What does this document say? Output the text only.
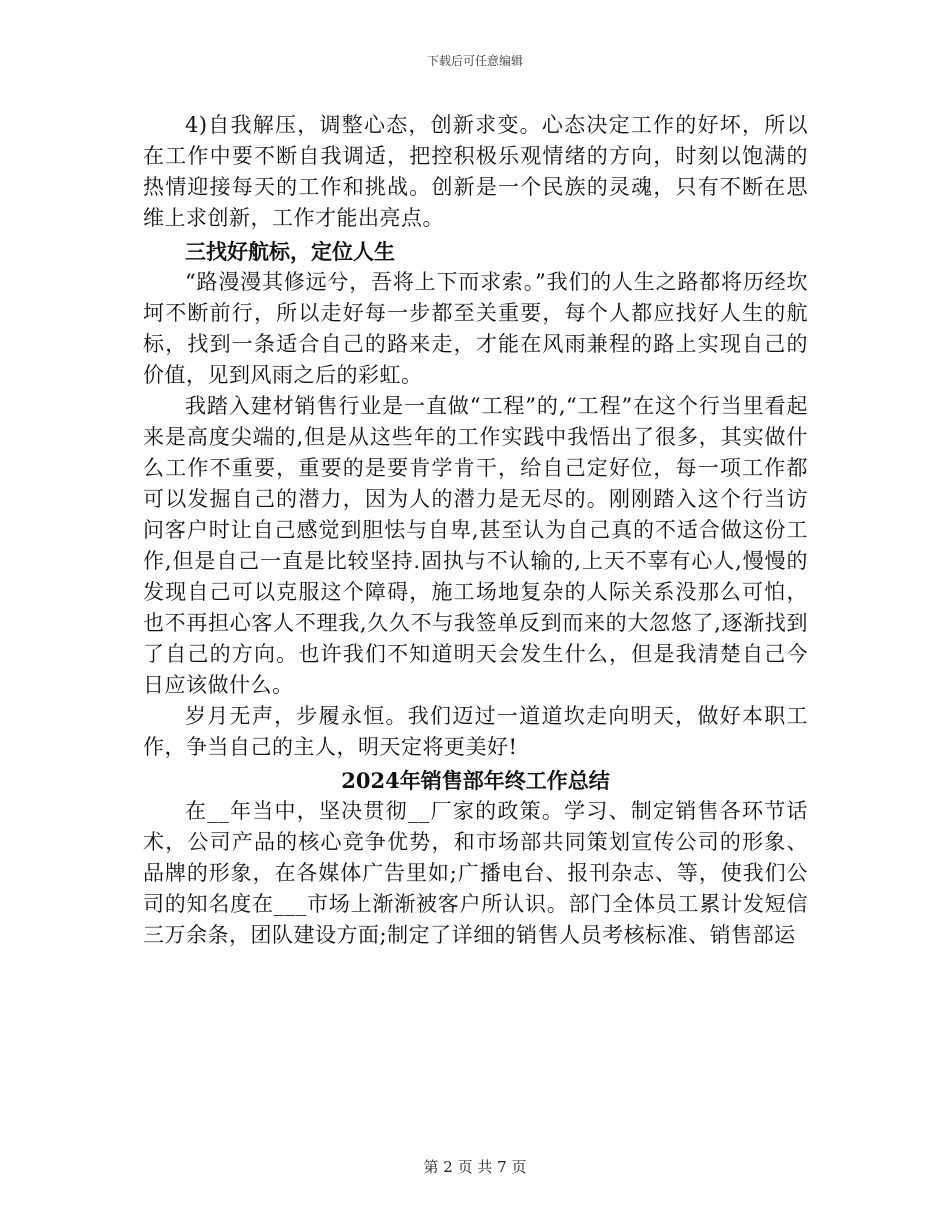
下载后可任意编辑

4)自我解压，调整心态，创新求变。心态决定工作的好坏，所以在工作中要不断自我调适，把控积极乐观情绪的方向，时刻以饱满的热情迎接每天的工作和挑战。创新是一个民族的灵魂，只有不断在思维上求创新，工作才能出亮点。

三找好航标，定位人生

“路漫漫其修远兮，吾将上下而求索。”我们的人生之路都将历经坎坷不断前行，所以走好每一步都至关重要，每个人都应找好人生的航标，找到一条适合自己的路来走，才能在风雨兼程的路上实现自己的价值，见到风雨之后的彩虹。

我踏入建材销售行业是一直做“工程”的,“工程”在这个行当里看起来是高度尖端的,但是从这些年的工作实践中我悟出了很多，其实做什么工作不重要，重要的是要肯学肯干，给自己定好位，每一项工作都可以发掘自己的潜力，因为人的潜力是无尽的。刚刚踏入这个行当访问客户时让自己感觉到胆怯与自卑,甚至认为自己真的不适合做这份工作,但是自己一直是比较坚持.固执与不认输的,上天不辜有心人,慢慢的发现自己可以克服这个障碍，施工场地复杂的人际关系没那么可怕，也不再担心客人不理我,久久不与我签单反到而来的大忽悠了,逐渐找到了自己的方向。也许我们不知道明天会发生什么，但是我清楚自己今日应该做什么。

岁月无声，步履永恒。我们迈过一道道坎走向明天，做好本职工作，争当自己的主人，明天定将更美好!

2024年销售部年终工作总结

在__年当中，坚决贯彻__厂家的政策。学习、制定销售各环节话术，公司产品的核心竞争优势，和市场部共同策划宣传公司的形象、品牌的形象，在各媒体广告里如;广播电台、报刊杂志、等，使我们公司的知名度在___市场上渐渐被客户所认识。部门全体员工累计发短信三万余条，团队建设方面;制定了详细的销售人员考核标准、销售部运

第 2 页 共 7 页
